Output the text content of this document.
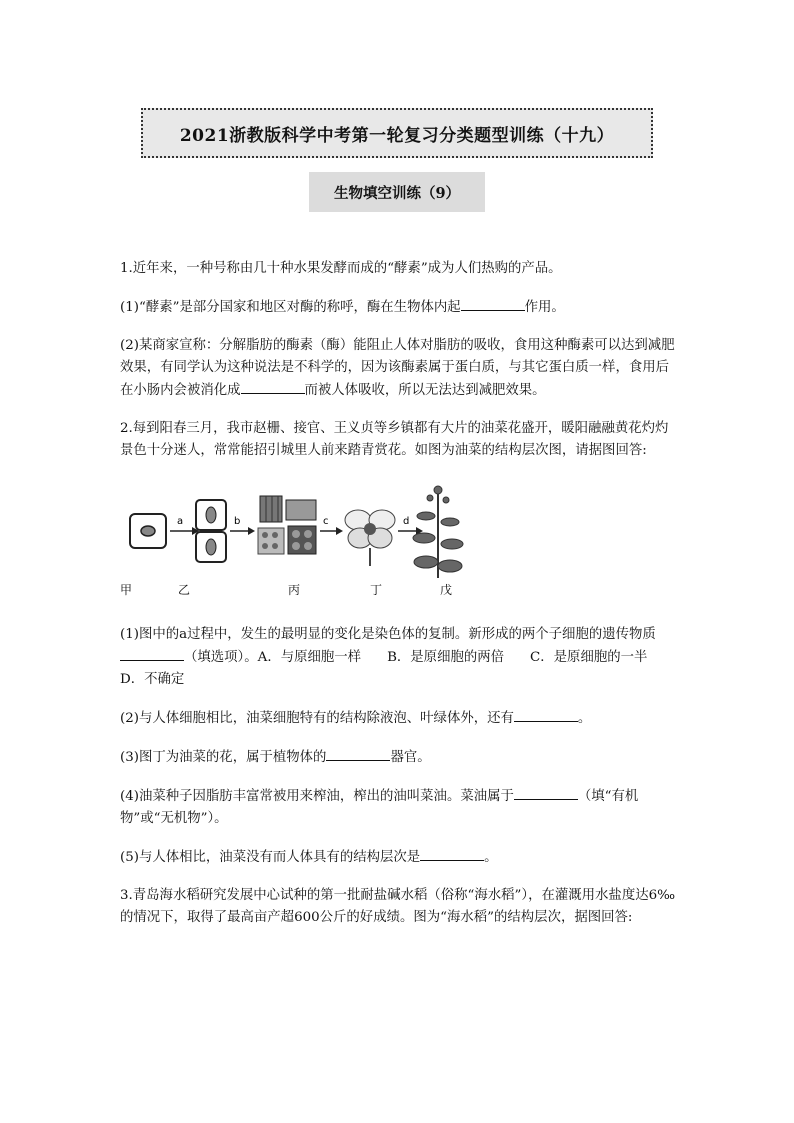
2021浙教版科学中考第一轮复习分类题型训练（十九）
生物填空训练（9）

1.近年来，一种号称由几十种水果发酵而成的“酵素”成为人们热购的产品。

(1)“酵素”是部分国家和地区对酶的称呼，酶在生物体内起	作用。

(2)某商家宣称：分解脂肪的酶素（酶）能阻止人体对脂肪的吸收，食用这种酶素可以达到减肥效果，有同学认为这种说法是不科学的，因为该酶素属于蛋白质，与其它蛋白质一样，食用后在小肠内会被消化成	而被人体吸收，所以无法达到减肥效果。

2.每到阳春三月，我市赵栅、接官、王义贞等乡镇都有大片的油菜花盛开，暖阳融融黄花灼灼景色十分迷人，常常能招引城里人前来踏青赏花。如图为油菜的结构层次图，请据图回答:

a	b	c	d
甲	乙	丙	丁	戊

(1)图中的a过程中，发生的最明显的变化是染色体的复制。新形成的两个子细胞的遗传物质（填选项）。A．与原细胞一样 B．是原细胞的两倍 C．是原细胞的一半D．不确定

(2)与人体细胞相比，油菜细胞特有的结构除液泡、叶绿体外，还有	。

(3)图丁为油菜的花，属于植物体的	器官。

(4)油菜种子因脂肪丰富常被用来榨油，榨出的油叫菜油。菜油属于	（填“有机物”或“无机物”）。

(5)与人体相比，油菜没有而人体具有的结构层次是	。

3.青岛海水稻研究发展中心试种的第一批耐盐碱水稻（俗称“海水稻”），在灌溉用水盐度达6‰的情况下，取得了最高亩产超600公斤的好成绩。图为“海水稻”的结构层次，据图回答:
